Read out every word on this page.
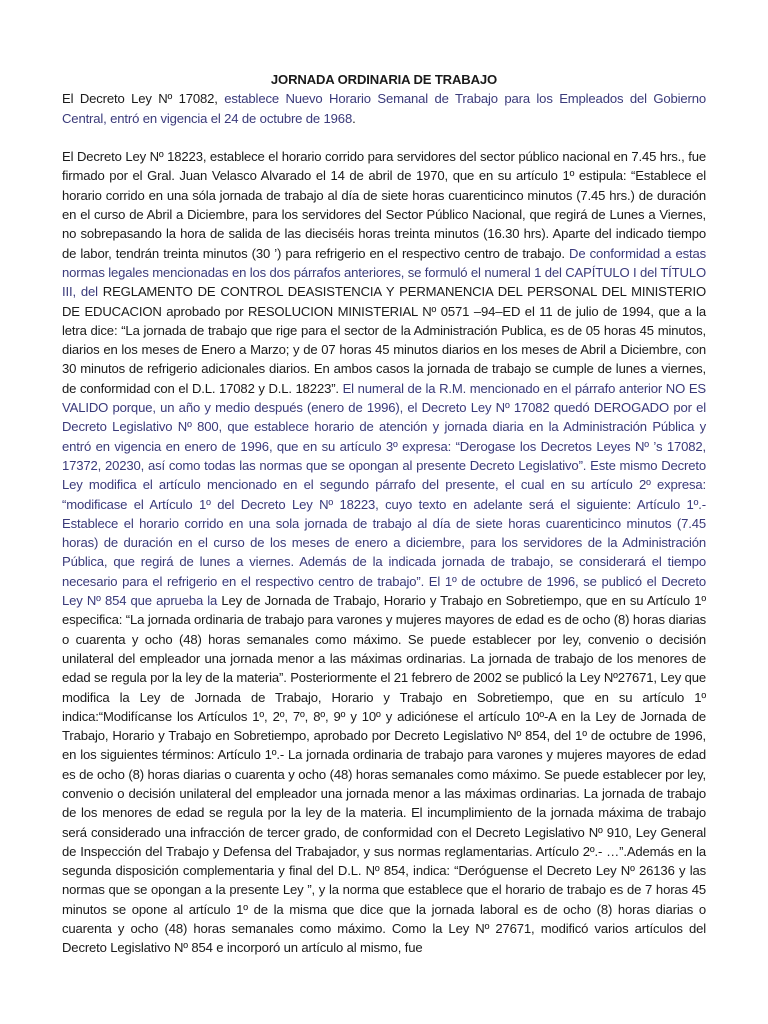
JORNADA ORDINARIA DE TRABAJO

El Decreto Ley Nº 17082, establece Nuevo Horario Semanal de Trabajo para los Empleados del Gobierno Central, entró en vigencia el 24 de octubre de 1968.

El Decreto Ley Nº 18223, establece el horario corrido para servidores del sector público nacional en 7.45 hrs., fue firmado por el Gral. Juan Velasco Alvarado el 14 de abril de 1970, que en su artículo 1º estipula: “Establece el horario corrido en una sóla jornada de trabajo al día de siete horas cuarenticinco minutos (7.45 hrs.) de duración en el curso de Abril a Diciembre, para los servidores del Sector Público Nacional, que regirá de Lunes a Viernes, no sobrepasando la hora de salida de las dieciséis horas treinta minutos (16.30 hrs). Aparte del indicado tiempo de labor, tendrán treinta minutos (30 ’) para refrigerio en el respectivo centro de trabajo. De conformidad a estas normas legales mencionadas en los dos párrafos anteriores, se formuló el numeral 1 del CAPÍTULO I del TÍTULO III, del REGLAMENTO DE CONTROL DEASISTENCIA Y PERMANENCIA DEL PERSONAL DEL MINISTERIO DE EDUCACION aprobado por RESOLUCION MINISTERIAL Nº 0571 –94–ED el 11 de julio de 1994, que a la letra dice: “La jornada de trabajo que rige para el sector de la Administración Publica, es de 05 horas 45 minutos, diarios en los meses de Enero a Marzo; y de 07 horas 45 minutos diarios en los meses de Abril a Diciembre, con 30 minutos de refrigerio adicionales diarios. En ambos casos la jornada de trabajo se cumple de lunes a viernes, de conformidad con el D.L. 17082 y D.L. 18223”. El numeral de la R.M. mencionado en el párrafo anterior NO ES VALIDO porque, un año y medio después (enero de 1996), el Decreto Ley Nº 17082 quedó DEROGADO por el Decreto Legislativo Nº 800, que establece horario de atención y jornada diaria en la Administración Pública y entró en vigencia en enero de 1996, que en su artículo 3º expresa: “Derogase los Decretos Leyes Nº ’s 17082, 17372, 20230, así como todas las normas que se opongan al presente Decreto Legislativo”. Este mismo Decreto Ley modifica el artículo mencionado en el segundo párrafo del presente, el cual en su artículo 2º expresa: “modificase el Artículo 1º del Decreto Ley Nº 18223, cuyo texto en adelante será el siguiente: Artículo 1º.- Establece el horario corrido en una sola jornada de trabajo al día de siete horas cuarenticinco minutos (7.45 horas) de duración en el curso de los meses de enero a diciembre, para los servidores de la Administración Pública, que regirá de lunes a viernes. Además de la indicada jornada de trabajo, se considerará el tiempo necesario para el refrigerio en el respectivo centro de trabajo”. El 1º de octubre de 1996, se publicó el Decreto Ley Nº 854 que aprueba la Ley de Jornada de Trabajo, Horario y Trabajo en Sobretiempo, que en su Artículo 1º especifica: “La jornada ordinaria de trabajo para varones y mujeres mayores de edad es de ocho (8) horas diarias o cuarenta y ocho (48) horas semanales como máximo. Se puede establecer por ley, convenio o decisión unilateral del empleador una jornada menor a las máximas ordinarias. La jornada de trabajo de los menores de edad se regula por la ley de la materia”. Posteriormente el 21 febrero de 2002 se publicó la Ley Nº27671, Ley que modifica la Ley de Jornada de Trabajo, Horario y Trabajo en Sobretiempo, que en su artículo 1º indica:“Modifícanse los Artículos 1º, 2º, 7º, 8º, 9º y 10º y adiciónese el artículo 10º-A en la Ley de Jornada de Trabajo, Horario y Trabajo en Sobretiempo, aprobado por Decreto Legislativo Nº 854, del 1º de octubre de 1996, en los siguientes términos: Artículo 1º.- La jornada ordinaria de trabajo para varones y mujeres mayores de edad es de ocho (8) horas diarias o cuarenta y ocho (48) horas semanales como máximo. Se puede establecer por ley, convenio o decisión unilateral del empleador una jornada menor a las máximas ordinarias. La jornada de trabajo de los menores de edad se regula por la ley de la materia. El incumplimiento de la jornada máxima de trabajo será considerado una infracción de tercer grado, de conformidad con el Decreto Legislativo Nº 910, Ley General de Inspección del Trabajo y Defensa del Trabajador, y sus normas reglamentarias. Artículo 2º.- …”.Además en la segunda disposición complementaria y final del D.L. Nº 854, indica: “Deróguense el Decreto Ley Nº 26136 y las normas que se opongan a la presente Ley ”, y la norma que establece que el horario de trabajo es de 7 horas 45 minutos se opone al artículo 1º de la misma que dice que la jornada laboral es de ocho (8) horas diarias o cuarenta y ocho (48) horas semanales como máximo. Como la Ley Nº 27671, modificó varios artículos del Decreto Legislativo Nº 854 e incorporó un artículo al mismo, fue
